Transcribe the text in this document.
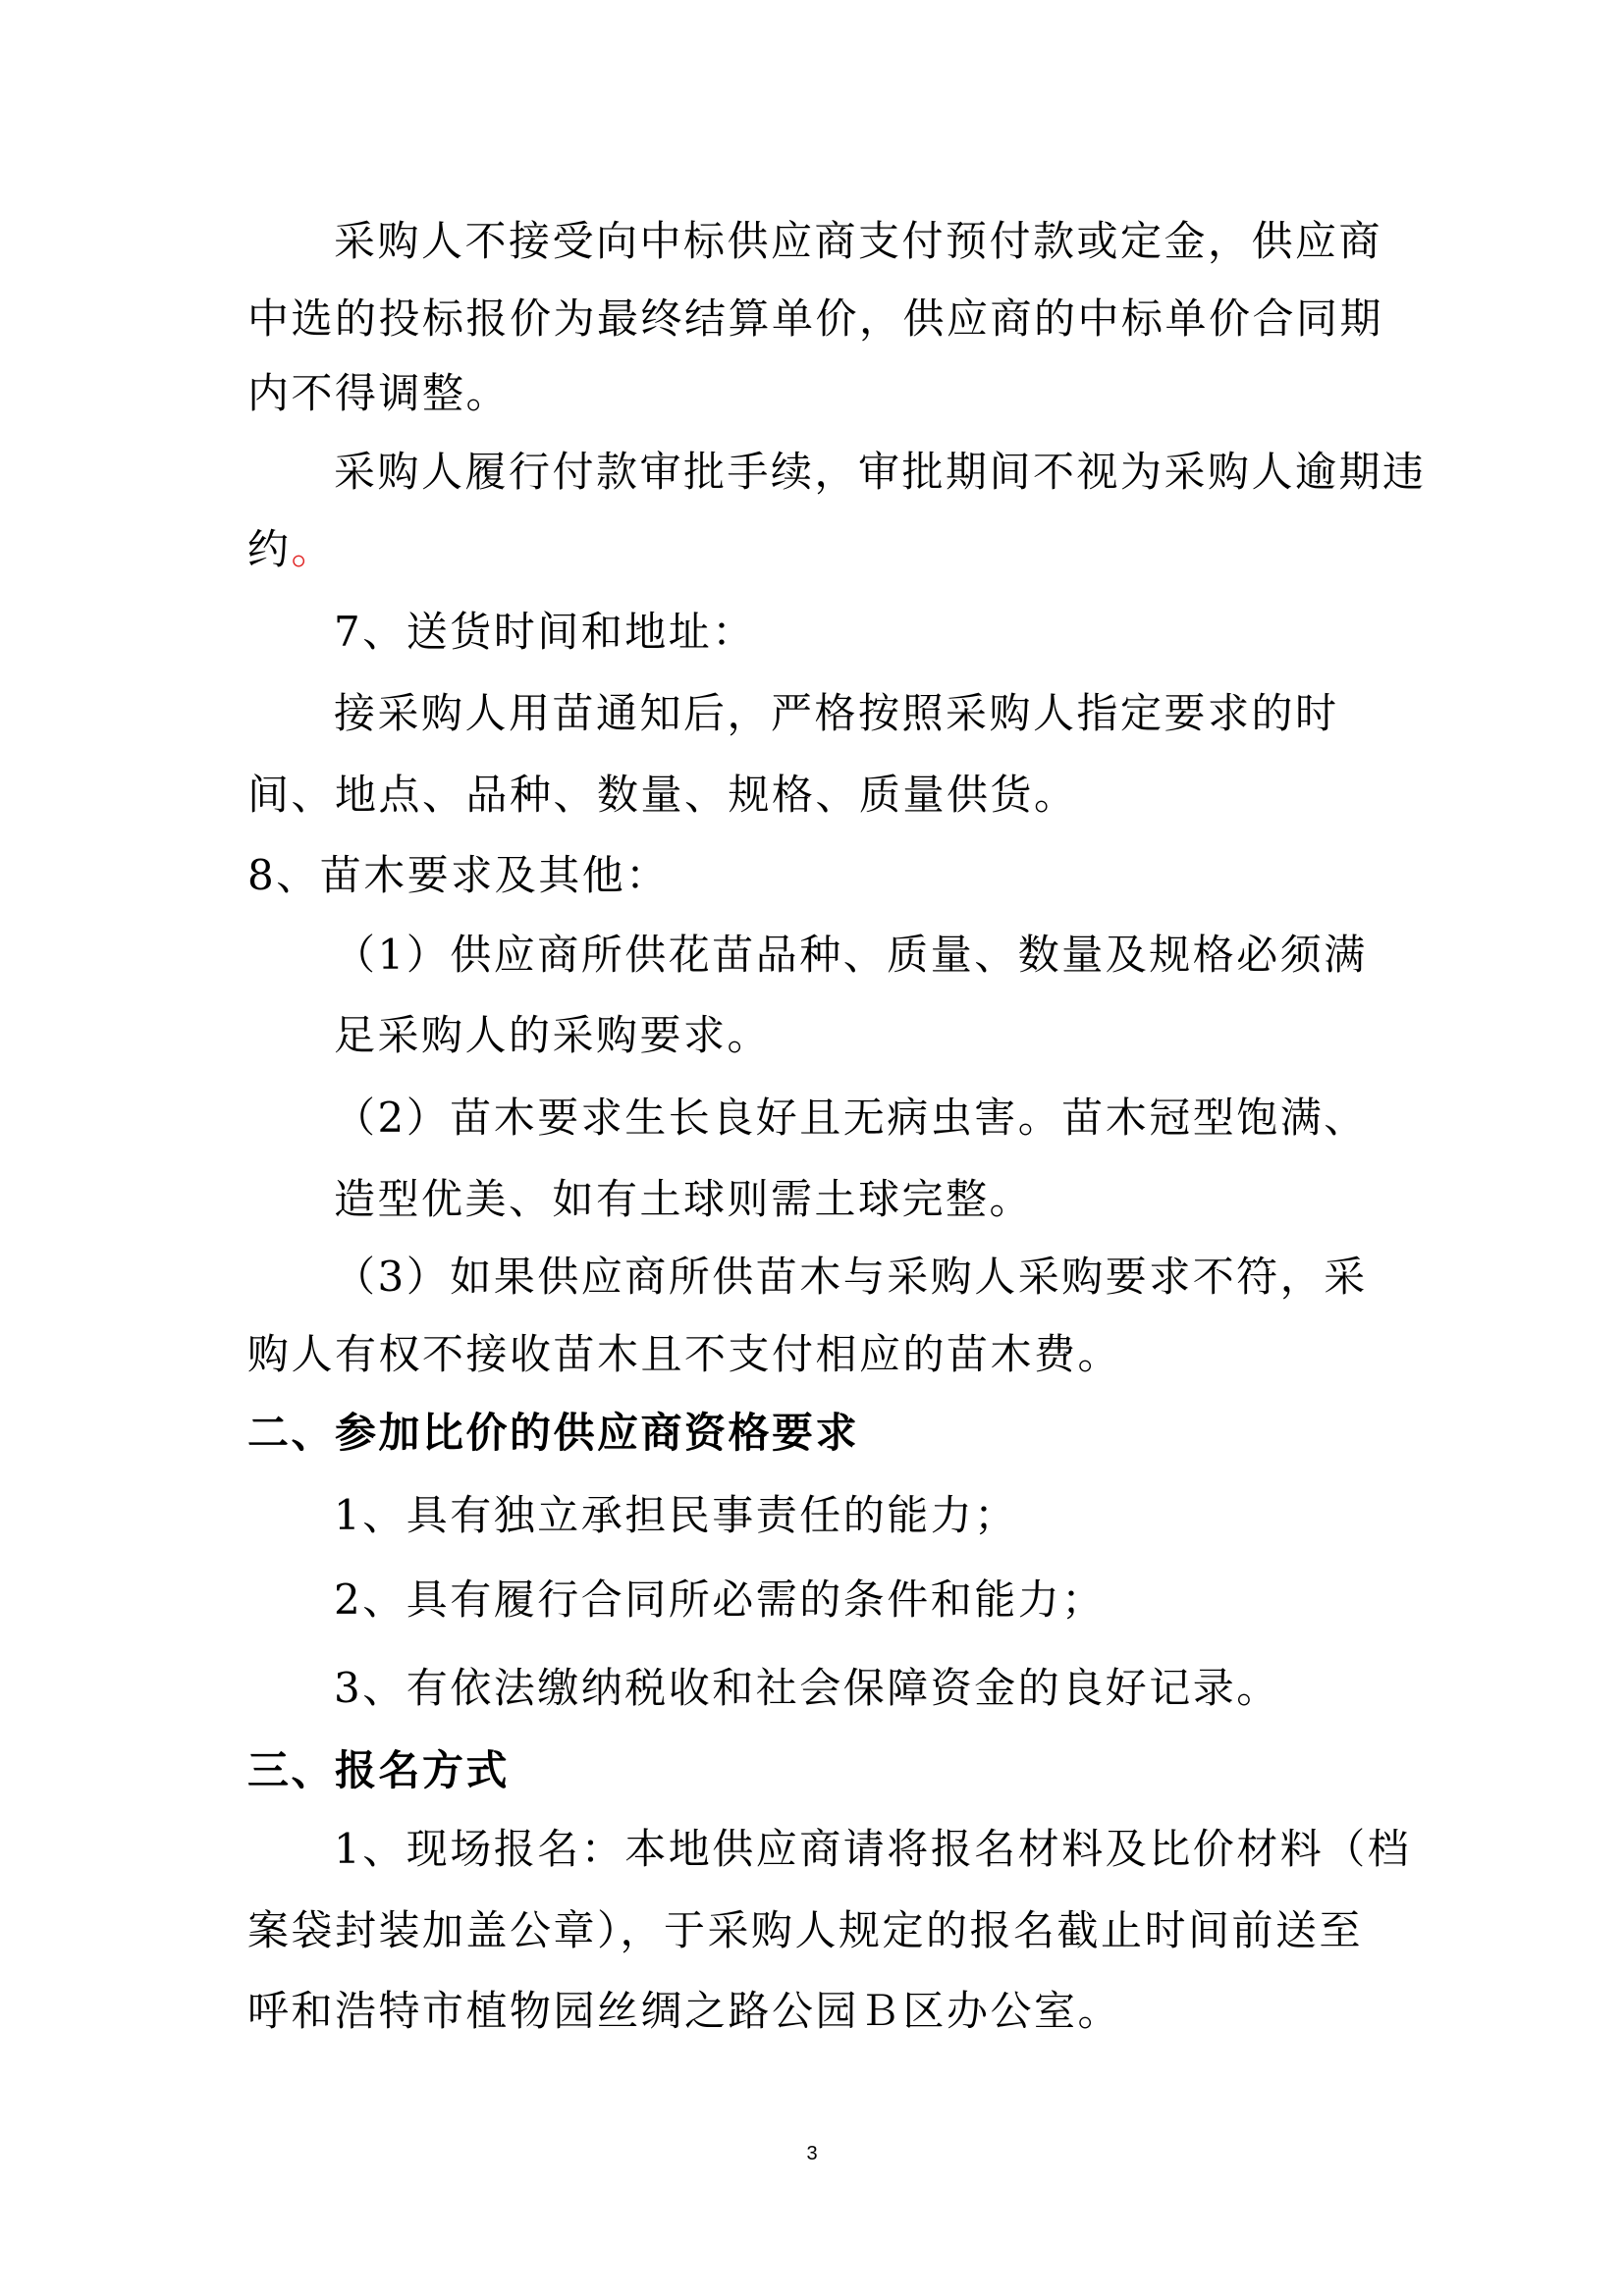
采购人不接受向中标供应商支付预付款或定金，供应商
中选的投标报价为最终结算单价，供应商的中标单价合同期
内不得调整。
采购人履行付款审批手续，审批期间不视为采购人逾期违
约。
7、送货时间和地址：
接采购人用苗通知后，严格按照采购人指定要求的时
间、地点、品种、数量、规格、质量供货。
8、苗木要求及其他：
（1）供应商所供花苗品种、质量、数量及规格必须满
足采购人的采购要求。
（2）苗木要求生长良好且无病虫害。苗木冠型饱满、
造型优美、如有土球则需土球完整。
（3）如果供应商所供苗木与采购人采购要求不符，采
购人有权不接收苗木且不支付相应的苗木费。
二、参加比价的供应商资格要求
1、具有独立承担民事责任的能力；
2、具有履行合同所必需的条件和能力；
3、有依法缴纳税收和社会保障资金的良好记录。
三、报名方式
1、现场报名：本地供应商请将报名材料及比价材料（档
案袋封装加盖公章），于采购人规定的报名截止时间前送至
呼和浩特市植物园丝绸之路公园Ｂ区办公室。
3
